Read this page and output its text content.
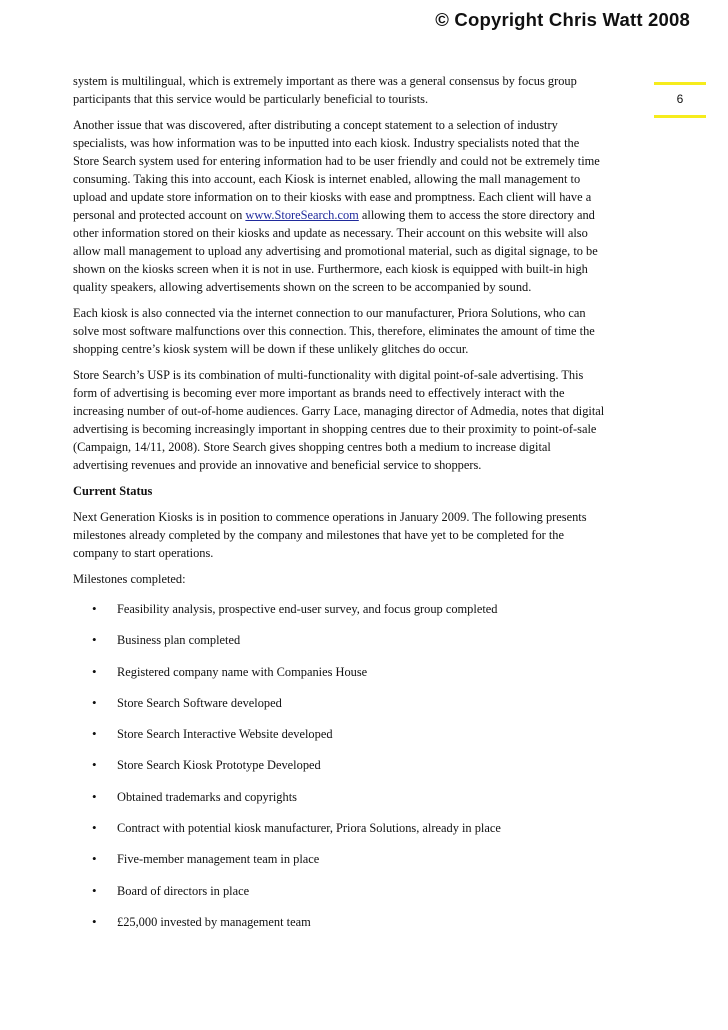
© Copyright Chris Watt 2008
6

system is multilingual, which is extremely important as there was a general consensus by focus group
participants that this service would be particularly beneficial to tourists.

Another issue that was discovered, after distributing a concept statement to a selection of industry
specialists, was how information was to be inputted into each kiosk. Industry specialists noted that the
Store Search system used for entering information had to be user friendly and could not be extremely time
consuming. Taking this into account, each Kiosk is internet enabled, allowing the mall management to
upload and update store information on to their kiosks with ease and promptness. Each client will have a
personal and protected account on www.StoreSearch.com allowing them to access the store directory and
other information stored on their kiosks and update as necessary. Their account on this website will also
allow mall management to upload any advertising and promotional material, such as digital signage, to be
shown on the kiosks screen when it is not in use. Furthermore, each kiosk is equipped with built-in high
quality speakers, allowing advertisements shown on the screen to be accompanied by sound.

Each kiosk is also connected via the internet connection to our manufacturer, Priora Solutions, who can
solve most software malfunctions over this connection. This, therefore, eliminates the amount of time the
shopping centre’s kiosk system will be down if these unlikely glitches do occur.

Store Search’s USP is its combination of multi-functionality with digital point-of-sale advertising. This
form of advertising is becoming ever more important as brands need to effectively interact with the
increasing number of out-of-home audiences. Garry Lace, managing director of Admedia, notes that digital
advertising is becoming increasingly important in shopping centres due to their proximity to point-of-sale
(Campaign, 14/11, 2008). Store Search gives shopping centres both a medium to increase digital
advertising revenues and provide an innovative and beneficial service to shoppers.

Current Status

Next Generation Kiosks is in position to commence operations in January 2009. The following presents
milestones already completed by the company and milestones that have yet to be completed for the
company to start operations.

Milestones completed:

• Feasibility analysis, prospective end-user survey, and focus group completed
• Business plan completed
• Registered company name with Companies House
• Store Search Software developed
• Store Search Interactive Website developed
• Store Search Kiosk Prototype Developed
• Obtained trademarks and copyrights
• Contract with potential kiosk manufacturer, Priora Solutions, already in place
• Five-member management team in place
• Board of directors in place
• £25,000 invested by management team
